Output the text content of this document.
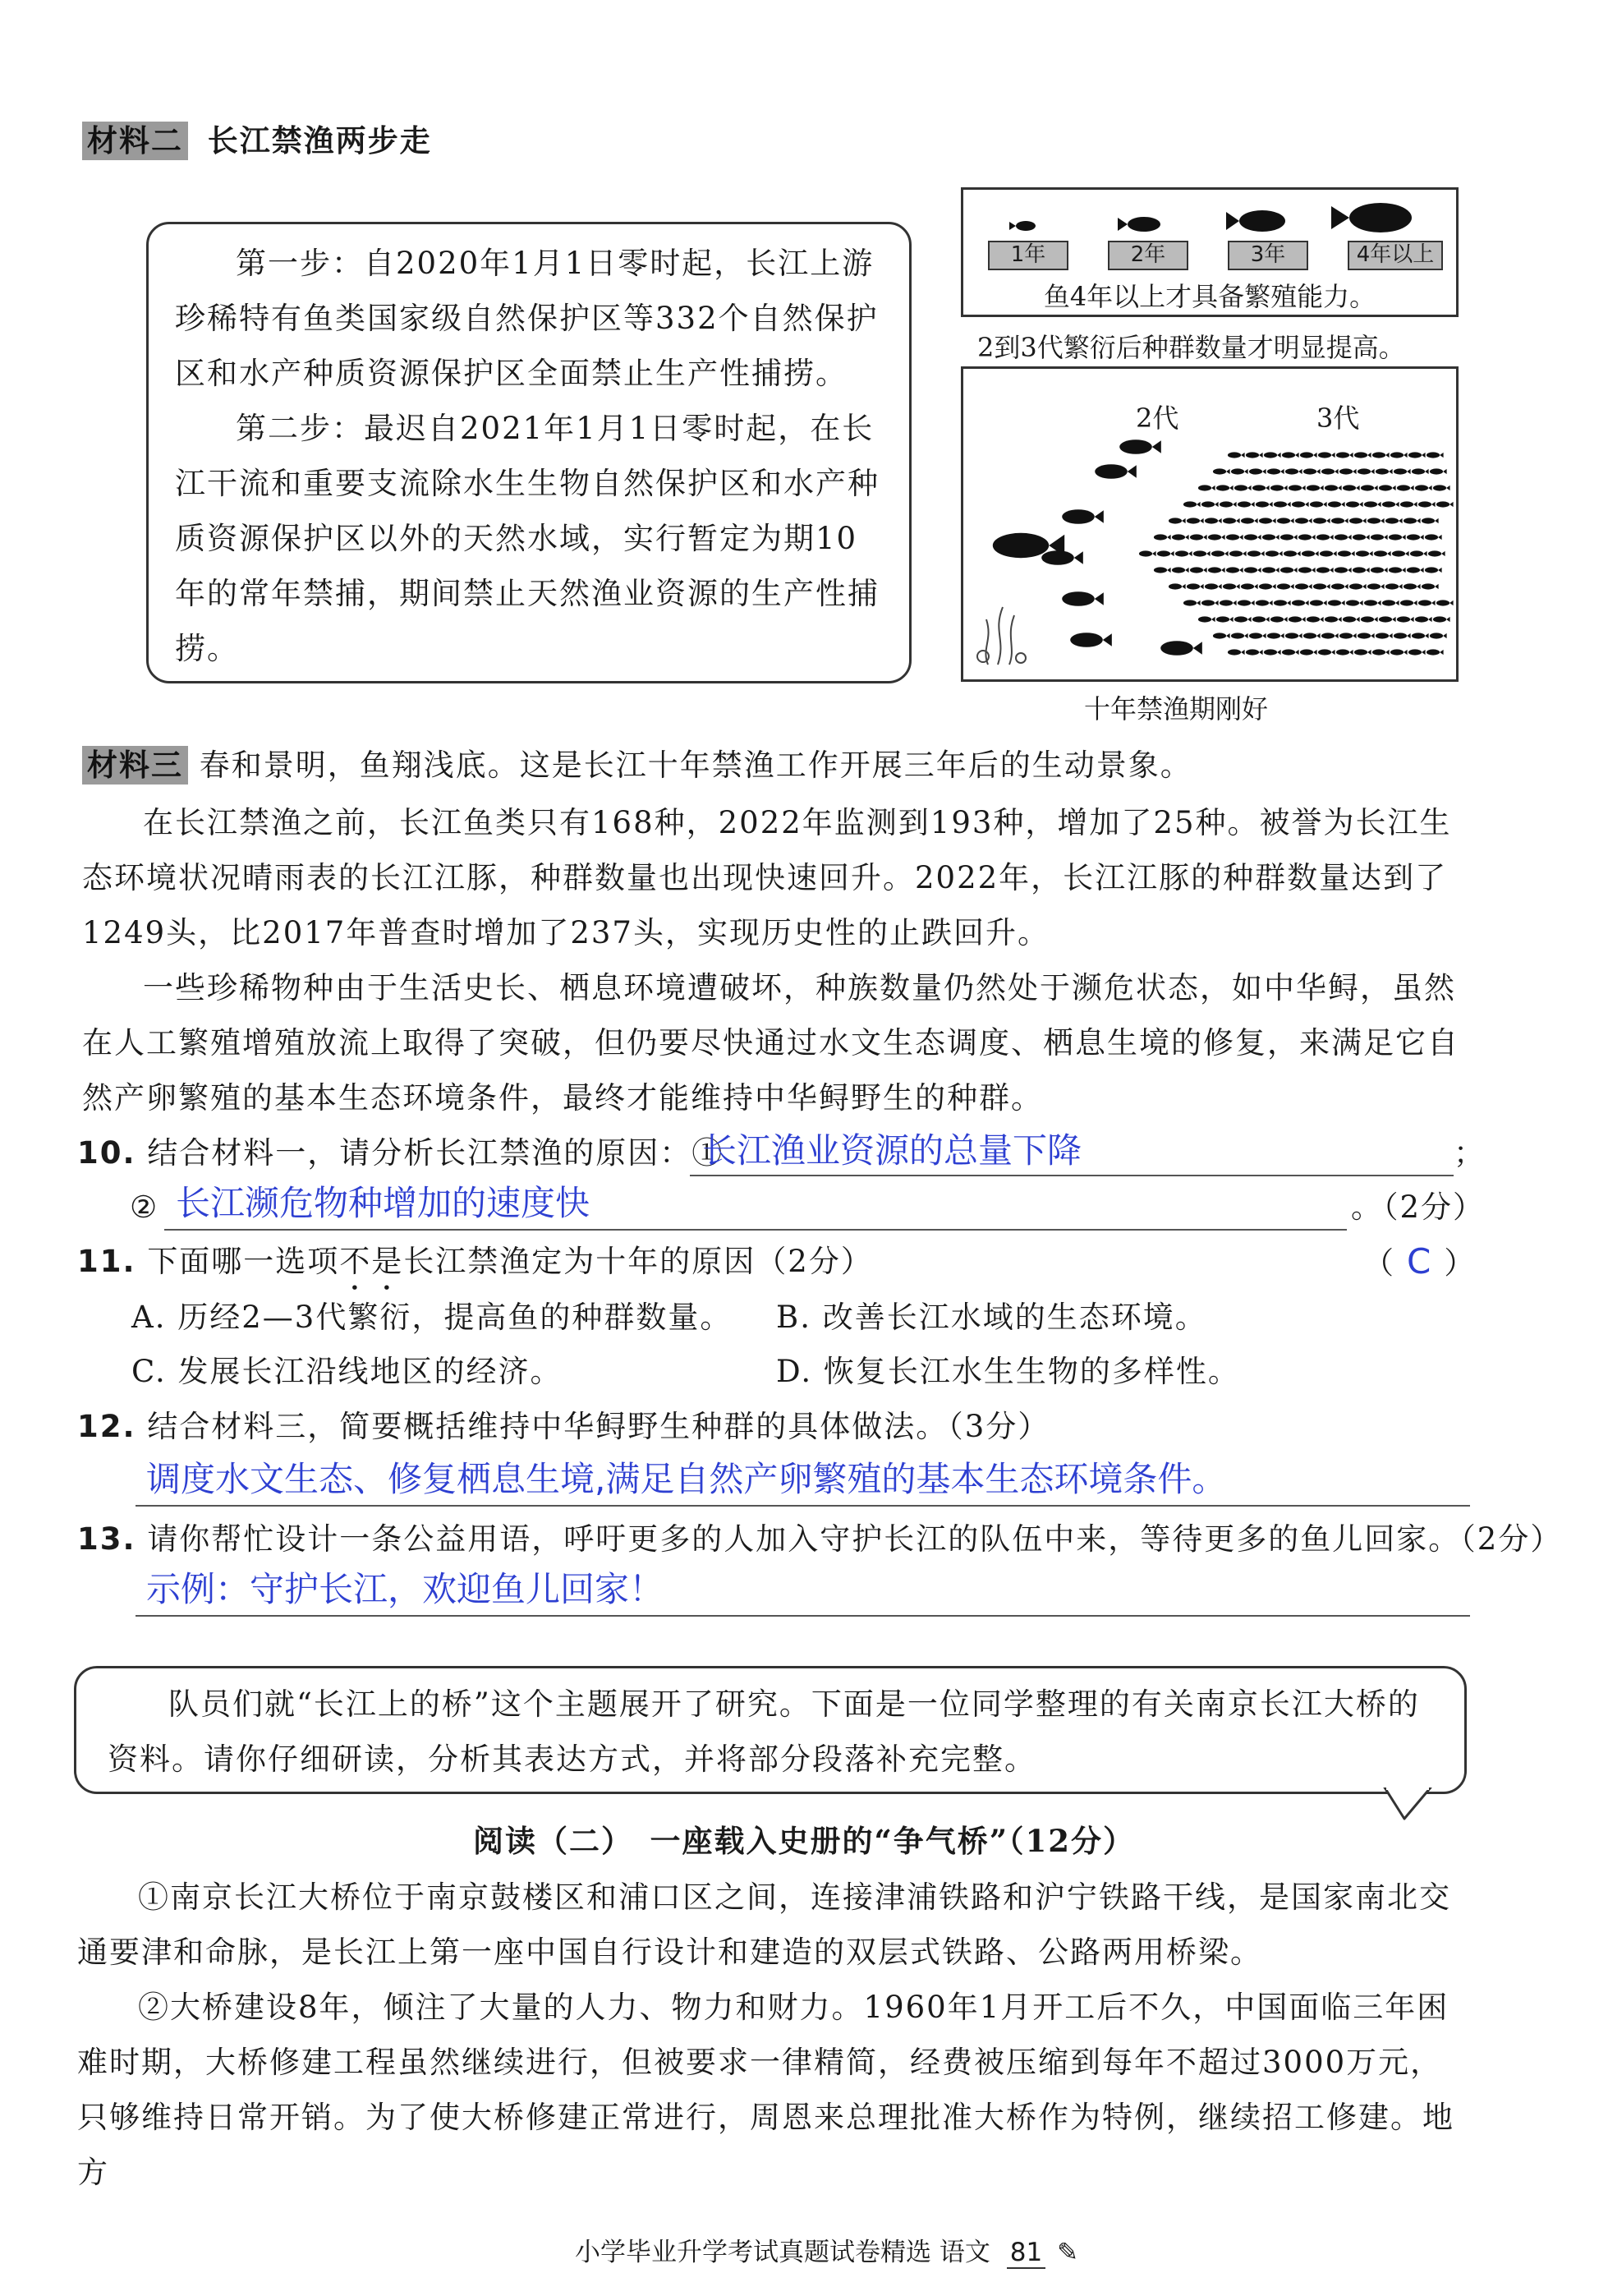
材料二 长江禁渔两步走

第一步：自2020年1月1日零时起，长江上游珍稀特有鱼类国家级自然保护区等332个自然保护区和水产种质资源保护区全面禁止生产性捕捞。

第二步：最迟自2021年1月1日零时起，在长江干流和重要支流除水生生物自然保护区和水产种质资源保护区以外的天然水域，实行暂定为期10年的常年禁捕，期间禁止天然渔业资源的生产性捕捞。

1年	2年	3年	4年以上
鱼4年以上才具备繁殖能力。
2到3代繁衍后种群数量才明显提高。
2代	3代
十年禁渔期刚好
材料三 春和景明，鱼翔浅底。这是长江十年禁渔工作开展三年后的生动景象。

在长江禁渔之前，长江鱼类只有168种，2022年监测到193种，增加了25种。被誉为长江生态环境状况晴雨表的长江江豚，种群数量也出现快速回升。2022年，长江江豚的种群数量达到了1249头，比2017年普查时增加了237头，实现历史性的止跌回升。

一些珍稀物种由于生活史长、栖息环境遭破坏，种族数量仍然处于濒危状态，如中华鲟，虽然在人工繁殖增殖放流上取得了突破，但仍要尽快通过水文生态调度、栖息生境的修复，来满足它自然产卵繁殖的基本生态环境条件，最终才能维持中华鲟野生的种群。

10. 结合材料一，请分析长江禁渔的原因：①
长江渔业资源的总量下降	；
② 长江濒危物种增加的速度快	。（2分）
11. 下面哪一选项不是长江禁渔定为十年的原因（2分）	（ C ）
A. 历经2—3代繁衍，提高鱼的种群数量。 B. 改善长江水域的生态环境。
C. 发展长江沿线地区的经济。	D. 恢复长江水生生物的多样性。
12. 结合材料三，简要概括维持中华鲟野生种群的具体做法。（3分）
调度水文生态、修复栖息生境,满足自然产卵繁殖的基本生态环境条件。
13. 请你帮忙设计一条公益用语，呼吁更多的人加入守护长江的队伍中来，等待更多的鱼儿回家。（2分）
示例：守护长江，欢迎鱼儿回家！

队员们就“长江上的桥”这个主题展开了研究。下面是一位同学整理的有关南京长江大桥的资料。请你仔细研读，分析其表达方式，并将部分段落补充完整。

阅读（二）　一座载入史册的“争气桥”（12分）

①南京长江大桥位于南京鼓楼区和浦口区之间，连接津浦铁路和沪宁铁路干线，是国家南北交通要津和命脉，是长江上第一座中国自行设计和建造的双层式铁路、公路两用桥梁。

②大桥建设8年，倾注了大量的人力、物力和财力。1960年1月开工后不久，中国面临三年困难时期，大桥修建工程虽然继续进行，但被要求一律精简，经费被压缩到每年不超过3000万元，只够维持日常开销。为了使大桥修建正常进行，周恩来总理批准大桥作为特例，继续招工修建。地方

小学毕业升学考试真题试卷精选 语文 81 ✎
